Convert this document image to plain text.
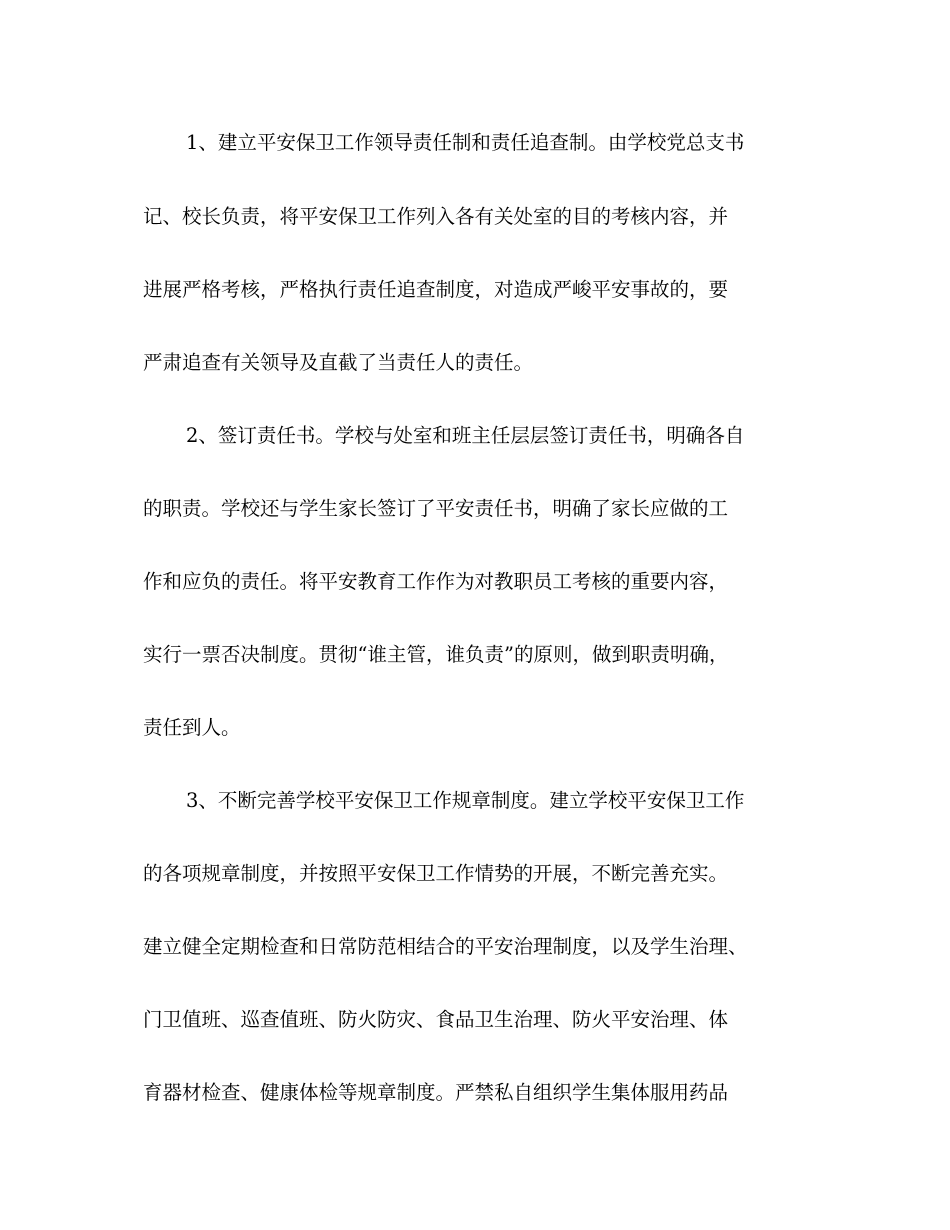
1、建立平安保卫工作领导责任制和责任追查制。由学校党总支书
记、校长负责，将平安保卫工作列入各有关处室的目的考核内容，并
进展严格考核，严格执行责任追查制度，对造成严峻平安事故的，要
严肃追查有关领导及直截了当责任人的责任。
2、签订责任书。学校与处室和班主任层层签订责任书，明确各自
的职责。学校还与学生家长签订了平安责任书，明确了家长应做的工
作和应负的责任。将平安教育工作作为对教职员工考核的重要内容，
实行一票否决制度。贯彻“谁主管，谁负责”的原则，做到职责明确，
责任到人。
3、不断完善学校平安保卫工作规章制度。建立学校平安保卫工作
的各项规章制度，并按照平安保卫工作情势的开展，不断完善充实。
建立健全定期检查和日常防范相结合的平安治理制度，以及学生治理、
门卫值班、巡查值班、防火防灾、食品卫生治理、防火平安治理、体
育器材检查、健康体检等规章制度。严禁私自组织学生集体服用药品
